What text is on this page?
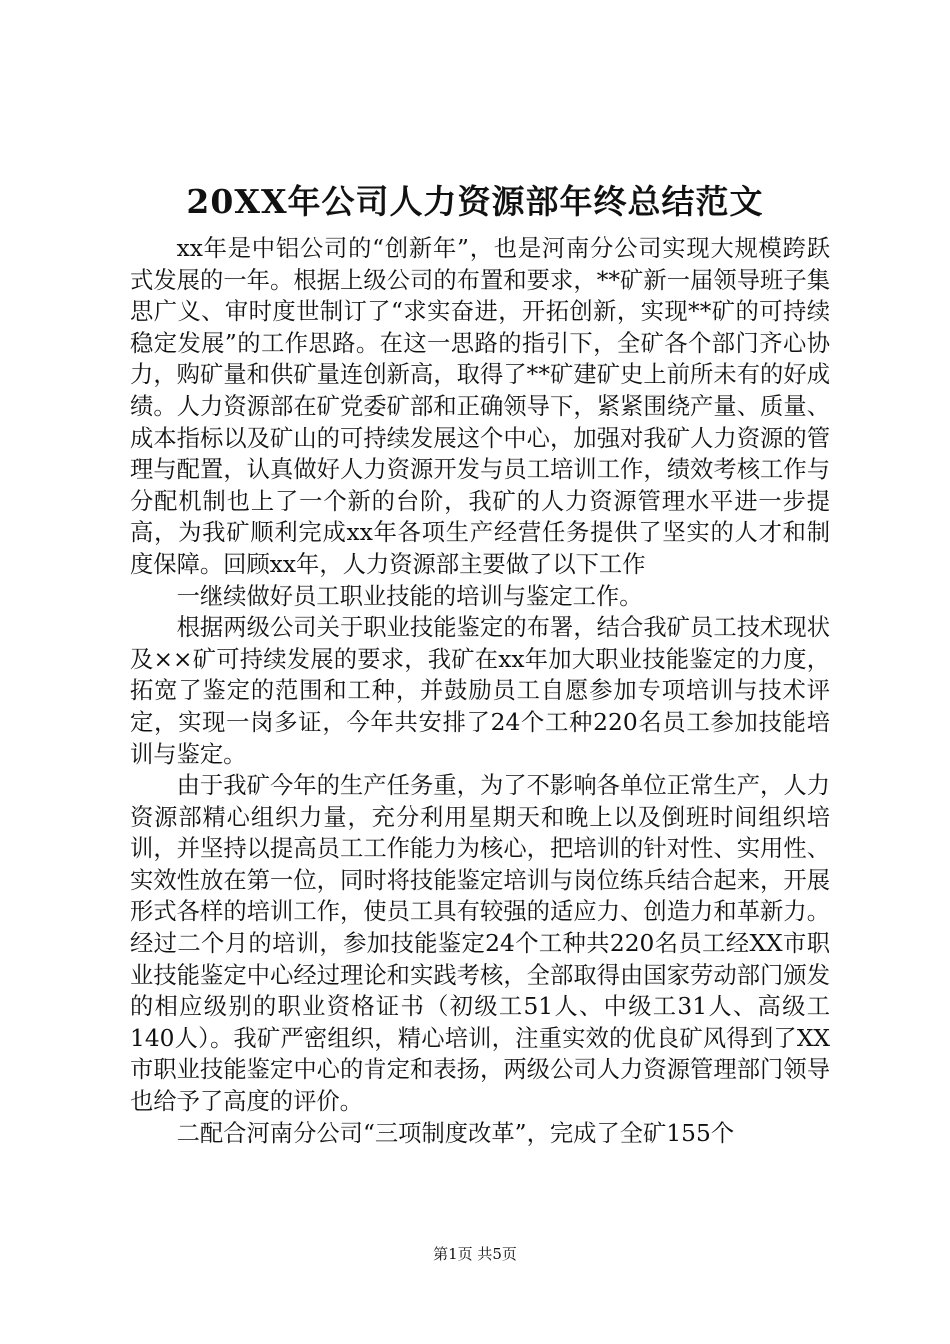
20XX年公司人力资源部年终总结范文

xx年是中铝公司的“创新年”，也是河南分公司实现大规模跨跃式发展的一年。根据上级公司的布置和要求，**矿新一届领导班子集思广义、审时度世制订了“求实奋进，开拓创新，实现**矿的可持续稳定发展”的工作思路。在这一思路的指引下，全矿各个部门齐心协力，购矿量和供矿量连创新高，取得了**矿建矿史上前所未有的好成绩。人力资源部在矿党委矿部和正确领导下，紧紧围绕产量、质量、成本指标以及矿山的可持续发展这个中心，加强对我矿人力资源的管理与配置，认真做好人力资源开发与员工培训工作，绩效考核工作与分配机制也上了一个新的台阶，我矿的人力资源管理水平进一步提高，为我矿顺利完成xx年各项生产经营任务提供了坚实的人才和制度保障。回顾xx年，人力资源部主要做了以下工作

一继续做好员工职业技能的培训与鉴定工作。

根据两级公司关于职业技能鉴定的布署，结合我矿员工技术现状及××矿可持续发展的要求，我矿在xx年加大职业技能鉴定的力度，拓宽了鉴定的范围和工种，并鼓励员工自愿参加专项培训与技术评定，实现一岗多证，今年共安排了24个工种220名员工参加技能培训与鉴定。

由于我矿今年的生产任务重，为了不影响各单位正常生产，人力资源部精心组织力量，充分利用星期天和晚上以及倒班时间组织培训，并坚持以提高员工工作能力为核心，把培训的针对性、实用性、实效性放在第一位，同时将技能鉴定培训与岗位练兵结合起来，开展形式各样的培训工作，使员工具有较强的适应力、创造力和革新力。经过二个月的培训，参加技能鉴定24个工种共220名员工经XX市职业技能鉴定中心经过理论和实践考核，全部取得由国家劳动部门颁发的相应级别的职业资格证书（初级工51人、中级工31人、高级工140人）。我矿严密组织，精心培训，注重实效的优良矿风得到了XX市职业技能鉴定中心的肯定和表扬，两级公司人力资源管理部门领导也给予了高度的评价。

二配合河南分公司“三项制度改革”，完成了全矿155个

第1页 共5页
